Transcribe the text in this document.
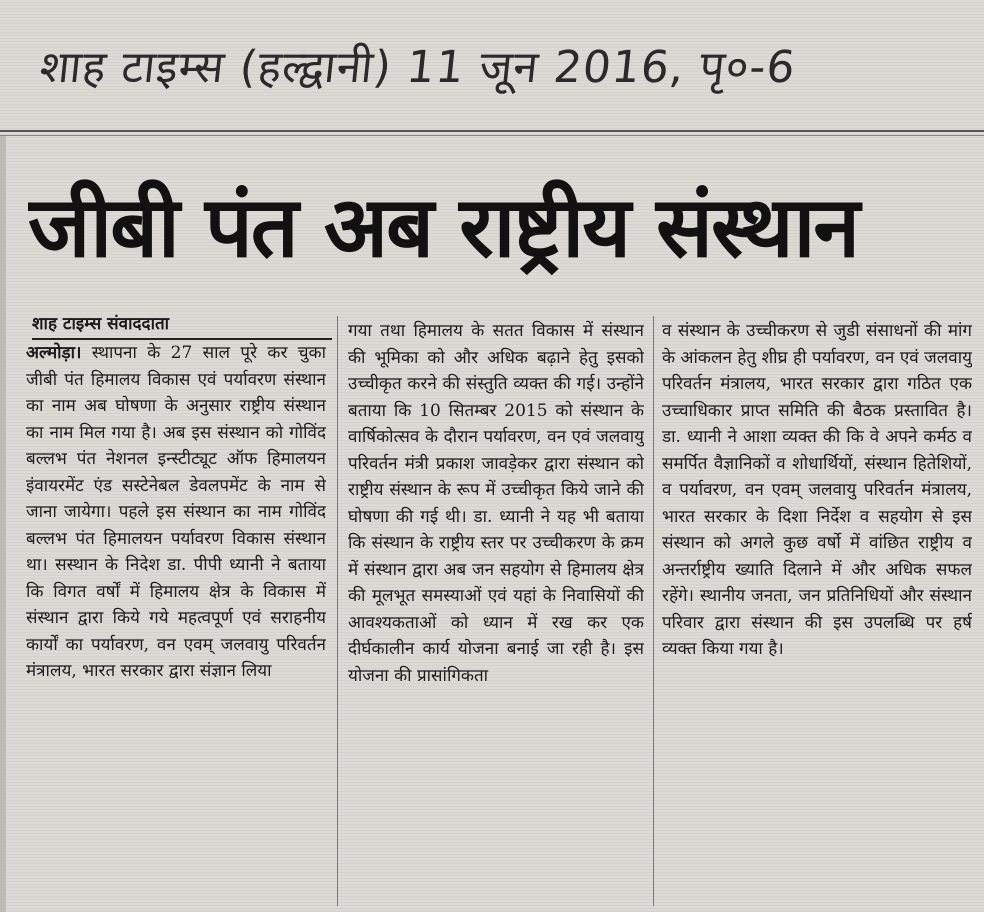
शाह टाइम्स (हल्द्वानी) 11 जून 2016, पृ०-6
जीबी पंत अब राष्ट्रीय संस्थान
शाह टाइम्स संवाददाता
अल्मोड़ा। स्थापना के 27 साल पूरे कर चुका जीबी पंत हिमालय विकास एवं पर्यावरण संस्थान का नाम अब घोषणा के अनुसार राष्ट्रीय संस्थान का नाम मिल गया है। अब इस संस्थान को गोविंद बल्लभ पंत नेशनल इन्स्टीट्यूट ऑफ हिमालयन इंवायरमेंट एंड सस्टेनेबल डेवलपमेंट के नाम से जाना जायेगा। पहले इस संस्थान का नाम गोविंद बल्लभ पंत हिमालयन पर्यावरण विकास संस्थान था। सस्थान के निदेश डा. पीपी ध्यानी ने बताया कि विगत वर्षों में हिमालय क्षेत्र के विकास में संस्थान द्वारा किये गये महत्वपूर्ण एवं सराहनीय कार्यों का पर्यावरण, वन एवम् जलवायु परिवर्तन मंत्रालय, भारत सरकार द्वारा संज्ञान लिया
गया तथा हिमालय के सतत विकास में संस्थान की भूमिका को और अधिक बढ़ाने हेतु इसको उच्चीकृत करने की संस्तुति व्यक्त की गई। उन्होंने बताया कि 10 सितम्बर 2015 को संस्थान के वार्षिकोत्सव के दौरान पर्यावरण, वन एवं जलवायु परिवर्तन मंत्री प्रकाश जावड़ेकर द्वारा संस्थान को राष्ट्रीय संस्थान के रूप में उच्चीकृत किये जाने की घोषणा की गई थी। डा. ध्यानी ने यह भी बताया कि संस्थान के राष्ट्रीय स्तर पर उच्चीकरण के क्रम में संस्थान द्वारा अब जन सहयोग से हिमालय क्षेत्र की मूलभूत समस्याओं एवं यहां के निवासियों की आवश्यकताओं को ध्यान में रख कर एक दीर्घकालीन कार्य योजना बनाई जा रही है। इस योजना की प्रासांगिकता
व संस्थान के उच्चीकरण से जुडी संसाधनों की मांग के आंकलन हेतु शीघ्र ही पर्यावरण, वन एवं जलवायु परिवर्तन मंत्रालय, भारत सरकार द्वारा गठित एक उच्चाधिकार प्राप्त समिति की बैठक प्रस्तावित है। डा. ध्यानी ने आशा व्यक्त की कि वे अपने कर्मठ व समर्पित वैज्ञानिकों व शोधार्थियों, संस्थान हितेशियों, व पर्यावरण, वन एवम् जलवायु परिवर्तन मंत्रालय, भारत सरकार के दिशा निर्देश व सहयोग से इस संस्थान को अगले कुछ वर्षो में वांछित राष्ट्रीय व अन्तर्राष्ट्रीय ख्याति दिलाने में और अधिक सफल रहेंगे। स्थानीय जनता, जन प्रतिनिधियों और संस्थान परिवार द्वारा संस्थान की इस उपलब्धि पर हर्ष व्यक्त किया गया है।
